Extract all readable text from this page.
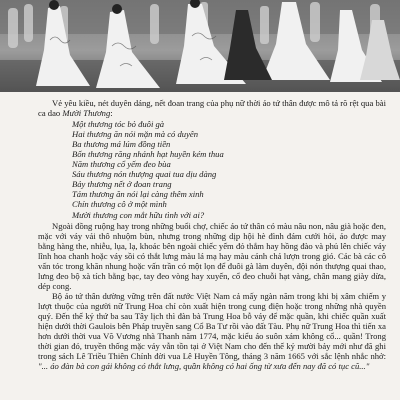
Vẻ yêu kiều, nét duyên dáng, nết đoan trang của phụ nữ thời áo tứ thân được mô tả rõ rệt qua bài ca dao Mười Thương:

Một thương tóc bỏ đuôi gà
Hai thương ăn nói mặn mà có duyên
Ba thương má lúm đồng tiền
Bốn thương răng nhánh hạt huyền kém thua
Năm thương cổ yếm đeo bùa
Sáu thương nón thượng quai tua dịu dàng
Bảy thương nết ở đoan trang
Tám thương ăn nói lại càng thêm xinh
Chín thương cô ở một mình
Mười thương con mắt hữu tình với ai?

Ngoài đồng ruộng hay trong những buổi chợ, chiếc áo tứ thân có màu nâu non, nâu già hoặc đen, mặc với váy vải thô nhuộm bùn, nhưng trong những dịp hội hè đình đám cưới hỏi, áo được may bằng hàng the, nhiễu, lụa, lạ, khoác bên ngoài chiếc yếm đỏ thắm hay hồng đào và phủ lên chiếc váy lĩnh hoa chanh hoặc váy sồi có thắt lưng màu lá mạ hay màu cánh chả lượn trong gió. Các bà các cô vấn tóc trong khăn nhung hoặc vấn trần có một lọn để đuôi gà làm duyên, đội nón thượng quai thao, lưng đeo bộ xà tích bằng bạc, tay đeo vòng hay xuyến, cổ đeo chuỗi hạt vàng, chân mang giày dừa, dép cong.

Bộ áo tứ thân dường vững trên đất nước Việt Nam cả mấy ngàn năm trong khi bị xâm chiếm y lượt thuộc của người nữ Trung Hoa chỉ còn xuất hiện trong cung điện hoặc trong những nhà quyền quý. Đến thế kỷ thứ ba sau Tây lịch thì đàn bà Trung Hoa bỗ váy để mặc quần, khi chiếc quần xuất hiện dưới thời Gaulois bên Pháp truyền sang Cổ Ba Tư rồi vào đất Tàu. Phụ nữ Trung Hoa thì tiến xa hơn dưới thời vua Võ Vương nhà Thanh năm 1774, mặc kiểu áo suôn xám không cổ... quần! Trong thời gian đó, truyền thống mặc váy vẫn tồn tại ở Việt Nam cho đến thế kỷ mười bảy mới như đã ghi trong sách Lê Triều Thiên Chính đời vua Lê Huyền Tông, tháng 3 năm 1665 với sắc lệnh nhắc nhở: "... áo đàn bà con gái không có thắt lưng, quần không có hai ống từ xưa đến nay đã có tục cũ..."
